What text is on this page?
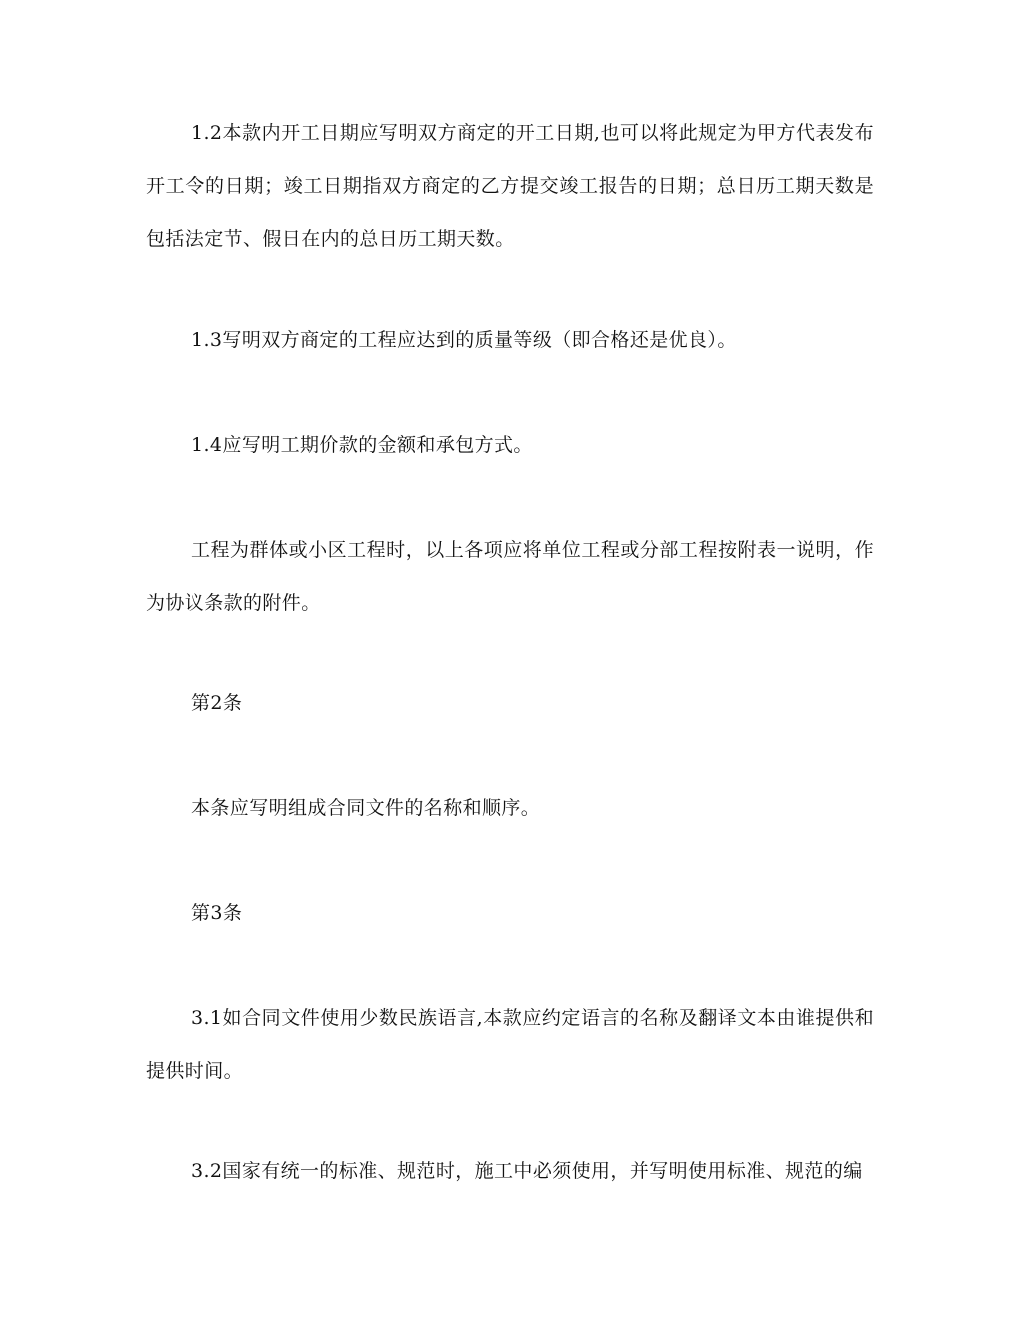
1.2本款内开工日期应写明双方商定的开工日期,也可以将此规定为甲方代表发布开工令的日期；竣工日期指双方商定的乙方提交竣工报告的日期；总日历工期天数是包括法定节、假日在内的总日历工期天数。

1.3写明双方商定的工程应达到的质量等级（即合格还是优良）。

1.4应写明工期价款的金额和承包方式。

工程为群体或小区工程时，以上各项应将单位工程或分部工程按附表一说明，作为协议条款的附件。

第2条

本条应写明组成合同文件的名称和顺序。

第3条

3.1如合同文件使用少数民族语言,本款应约定语言的名称及翻译文本由谁提供和提供时间。

3.2国家有统一的标准、规范时，施工中必须使用，并写明使用标准、规范的编
